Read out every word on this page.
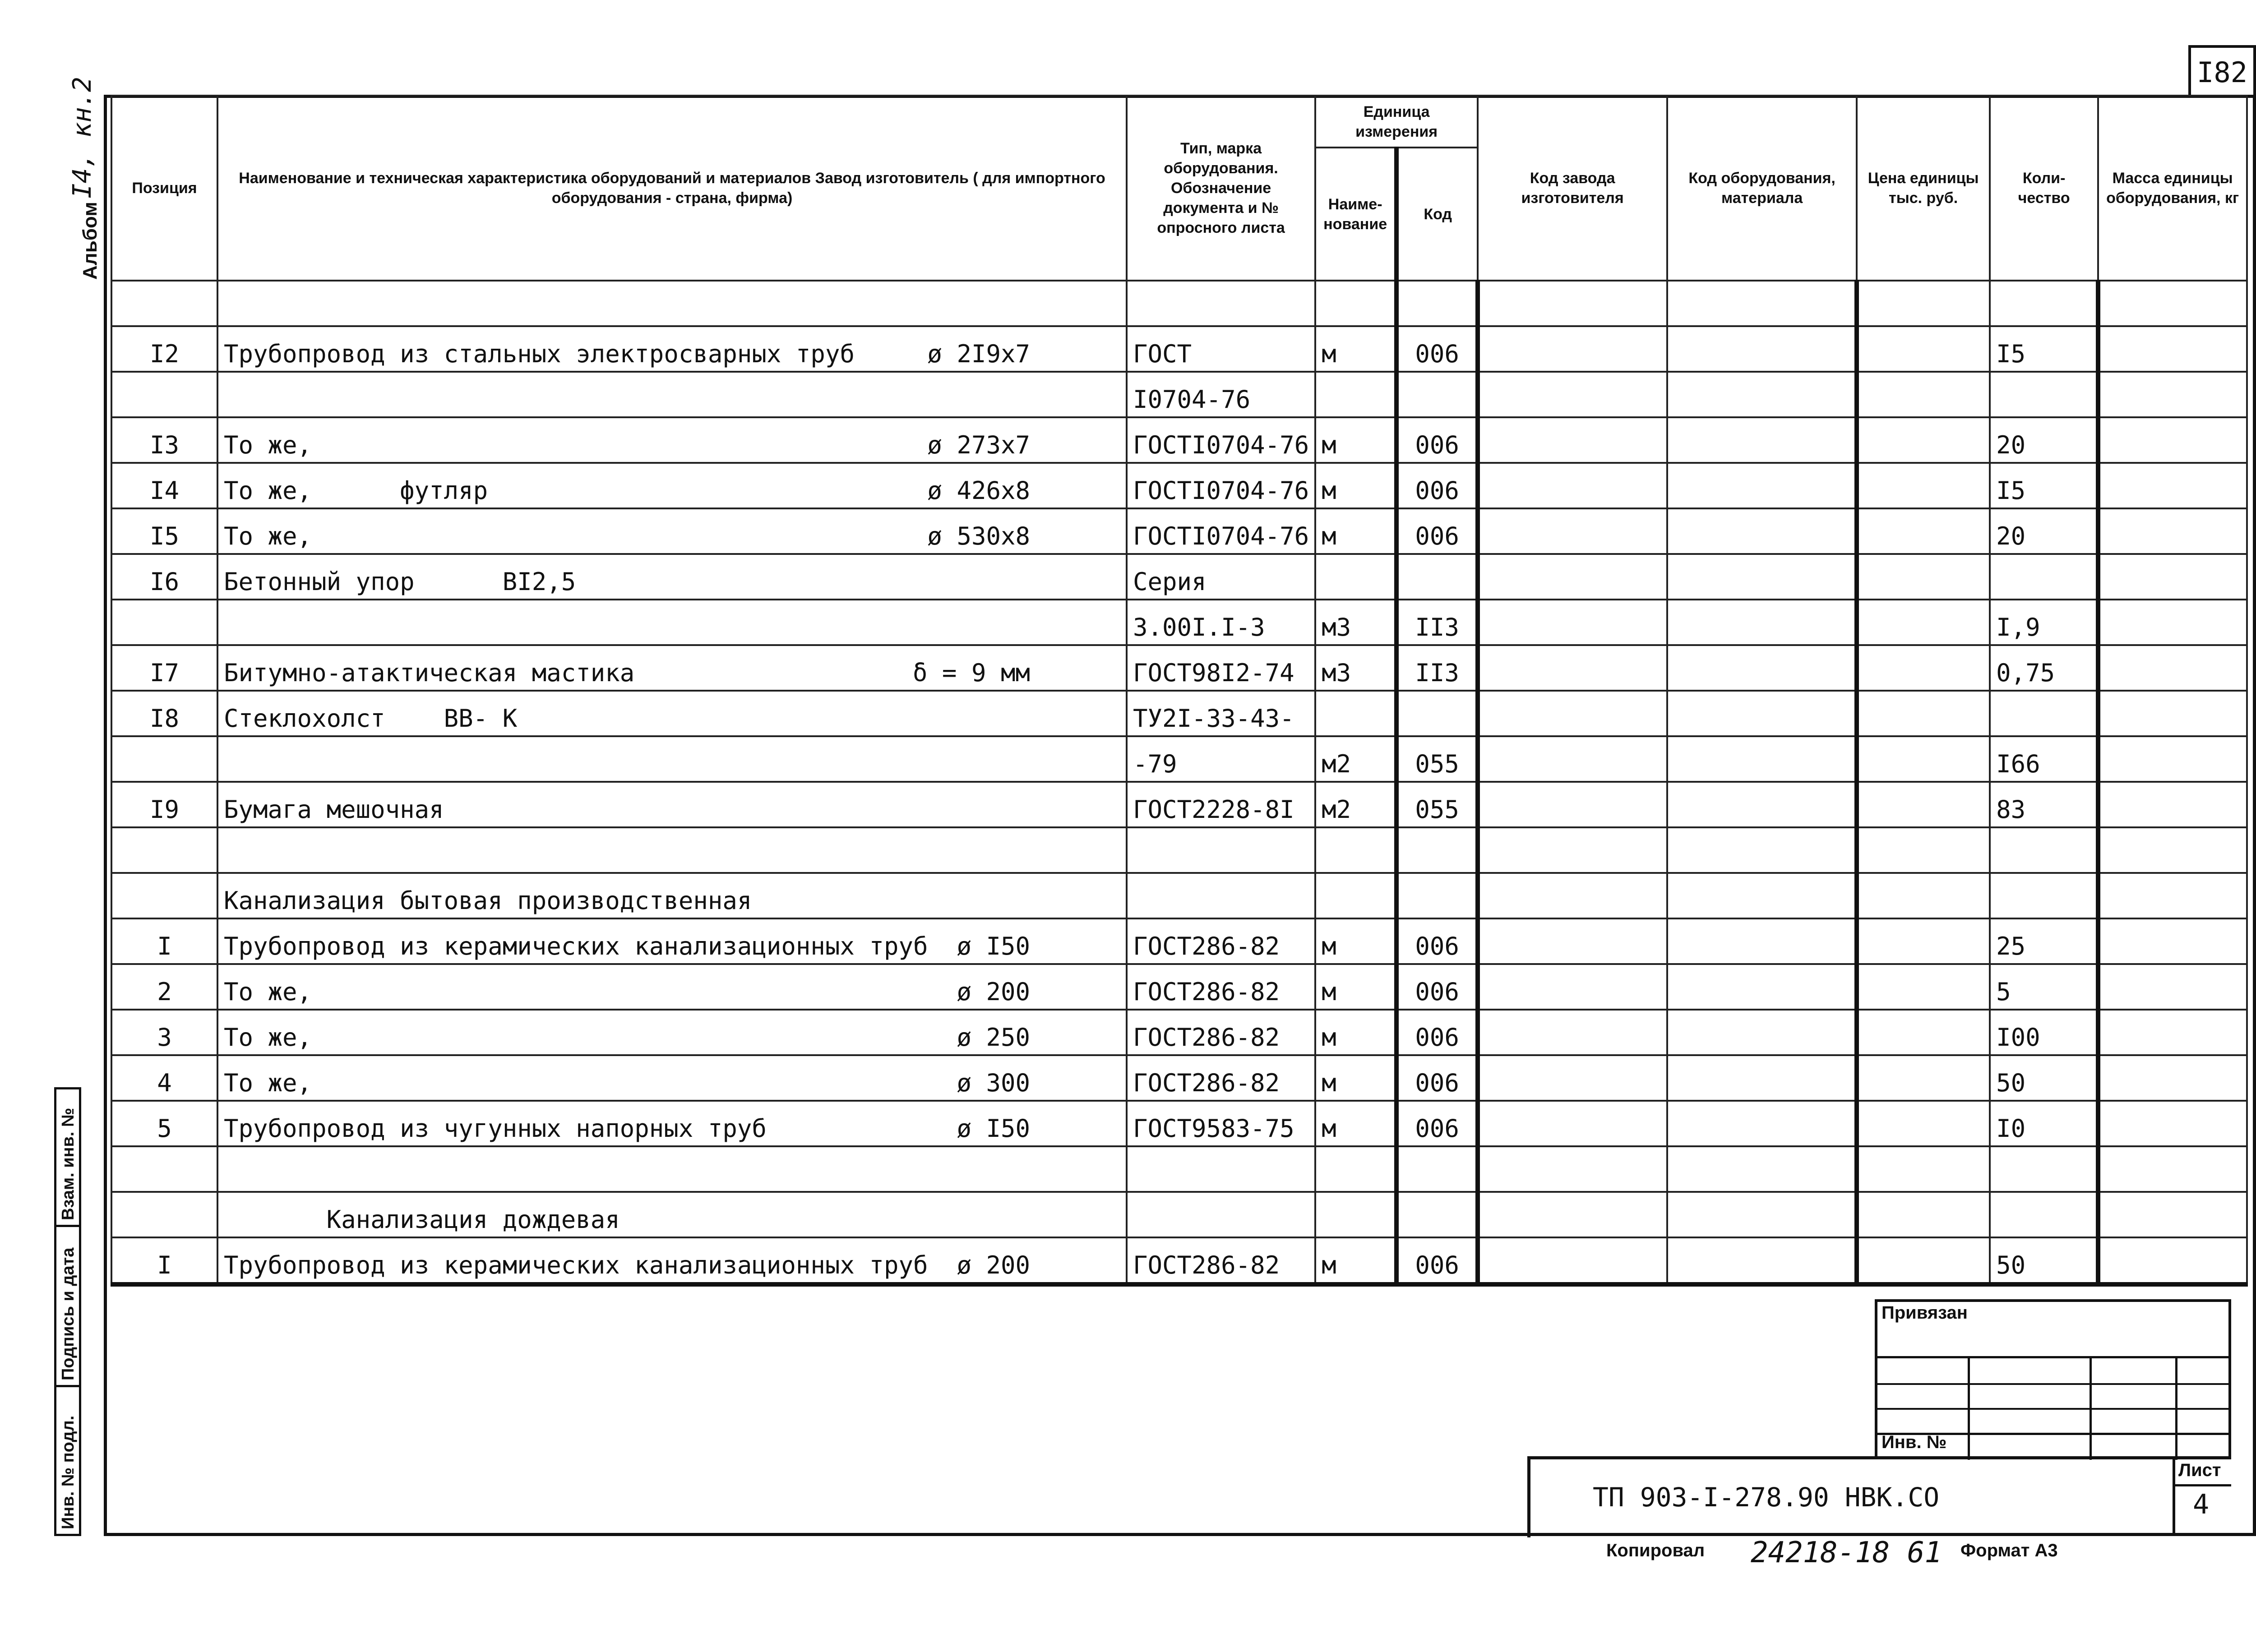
I82
I4, кн.2
Альбом
Взам. инв. №
Подпись и дата
Инв. № подл.
Позиция	Наименование и техническая характеристика оборудований и материалов Завод изготовитель ( для импортного оборудования - страна, фирма)	Тип, марка оборудования. Обозначение документа и № опросного листа	Единица измерения		Код завода изготовителя	Код оборудования, материала	Цена единицы тыс. руб.	Коли- чество	Масса единицы оборудования, кг
			Наиме- нование	Код					

I2	Трубопровод из стальных электросварных труб ø 2I9x7	ГОСТ	м	006				I5	

	I0704-76							
I3	То же, ø 273x7	ГОСТI0704-76	м	006				20	
I4	То же,      футляр ø 426x8	ГОСТI0704-76	м	006				I5	
I5	То же, ø 530x8	ГОСТI0704-76	м	006				20	
I6	Бетонный упор      ВI2,5	Серия							

	3.00I.I-3	м3	II3				I,9	
I7	Битумно-атактическая мастика δ = 9 мм	ГОСТ98I2-74	м3	II3				0,75	
I8	Стеклохолст    ВВ- К	ТУ2I-33-43-							

	-79	м2	055				I66	
I9	Бумага мешочная	ГОСТ2228-8I	м2	055				83	

	Канализация бытовая производственная								

I	Трубопровод из керамических канализационных труб ø I50	ГОСТ286-82	м	006				25	
2	То же, ø 200	ГОСТ286-82	м	006				5	
3	То же, ø 250	ГОСТ286-82	м	006				I00	
4	То же, ø 300	ГОСТ286-82	м	006				50	
5	Трубопровод из чугунных напорных труб ø I50	ГОСТ9583-75	м	006				I0	

	Канализация дождевая								

I	Трубопровод из керамических канализационных труб ø 200	ГОСТ286-82	м	006				50	
Привязан
Инв. №
ТП 903-I-278.90 НВК.СО
Лист
4
Копировал 24218-18 61 Формат А3
